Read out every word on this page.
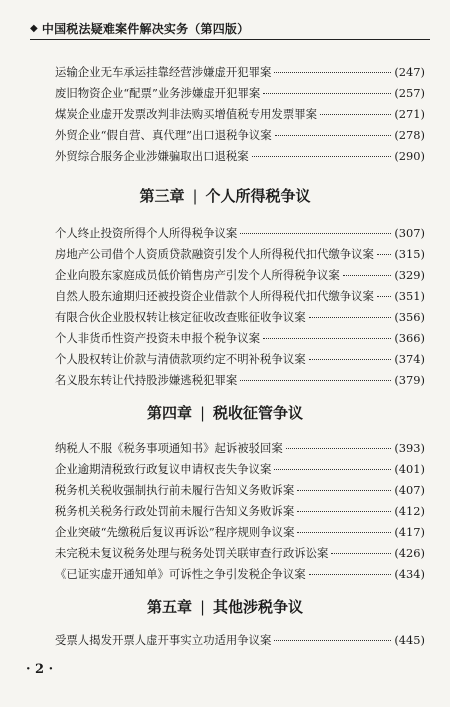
◆ 中国税法疑难案件解决实务（第四版）
运输企业无车承运挂靠经营涉嫌虚开犯罪案	(247)
废旧物资企业“配票”业务涉嫌虚开犯罪案	(257)
煤炭企业虚开发票改判非法购买增值税专用发票罪案	(271)
外贸企业“假自营、真代理”出口退税争议案	(278)
外贸综合服务企业涉嫌骗取出口退税案	(290)
第三章 | 个人所得税争议
个人终止投资所得个人所得税争议案	(307)
房地产公司借个人资质贷款融资引发个人所得税代扣代缴争议案 (315)
企业向股东家庭成员低价销售房产引发个人所得税争议案	(329)
自然人股东逾期归还被投资企业借款个人所得税代扣代缴争议案 (351)
有限合伙企业股权转让核定征收改查账征收争议案	(356)
个人非货币性资产投资未申报个税争议案	(366)
个人股权转让价款与清债款项约定不明补税争议案	(374)
名义股东转让代持股涉嫌逃税犯罪案	(379)
第四章 | 税收征管争议
纳税人不服《税务事项通知书》起诉被驳回案	(393)
企业逾期清税致行政复议申请权丧失争议案	(401)
税务机关税收强制执行前未履行告知义务败诉案	(407)
税务机关税务行政处罚前未履行告知义务败诉案	(412)
企业突破“先缴税后复议再诉讼”程序规则争议案	(417)
未完税未复议税务处理与税务处罚关联审查行政诉讼案	(426)
《已证实虚开通知单》可诉性之争引发税企争议案	(434)
第五章 | 其他涉税争议
受票人揭发开票人虚开事实立功适用争议案	(445)
· 2 ·
